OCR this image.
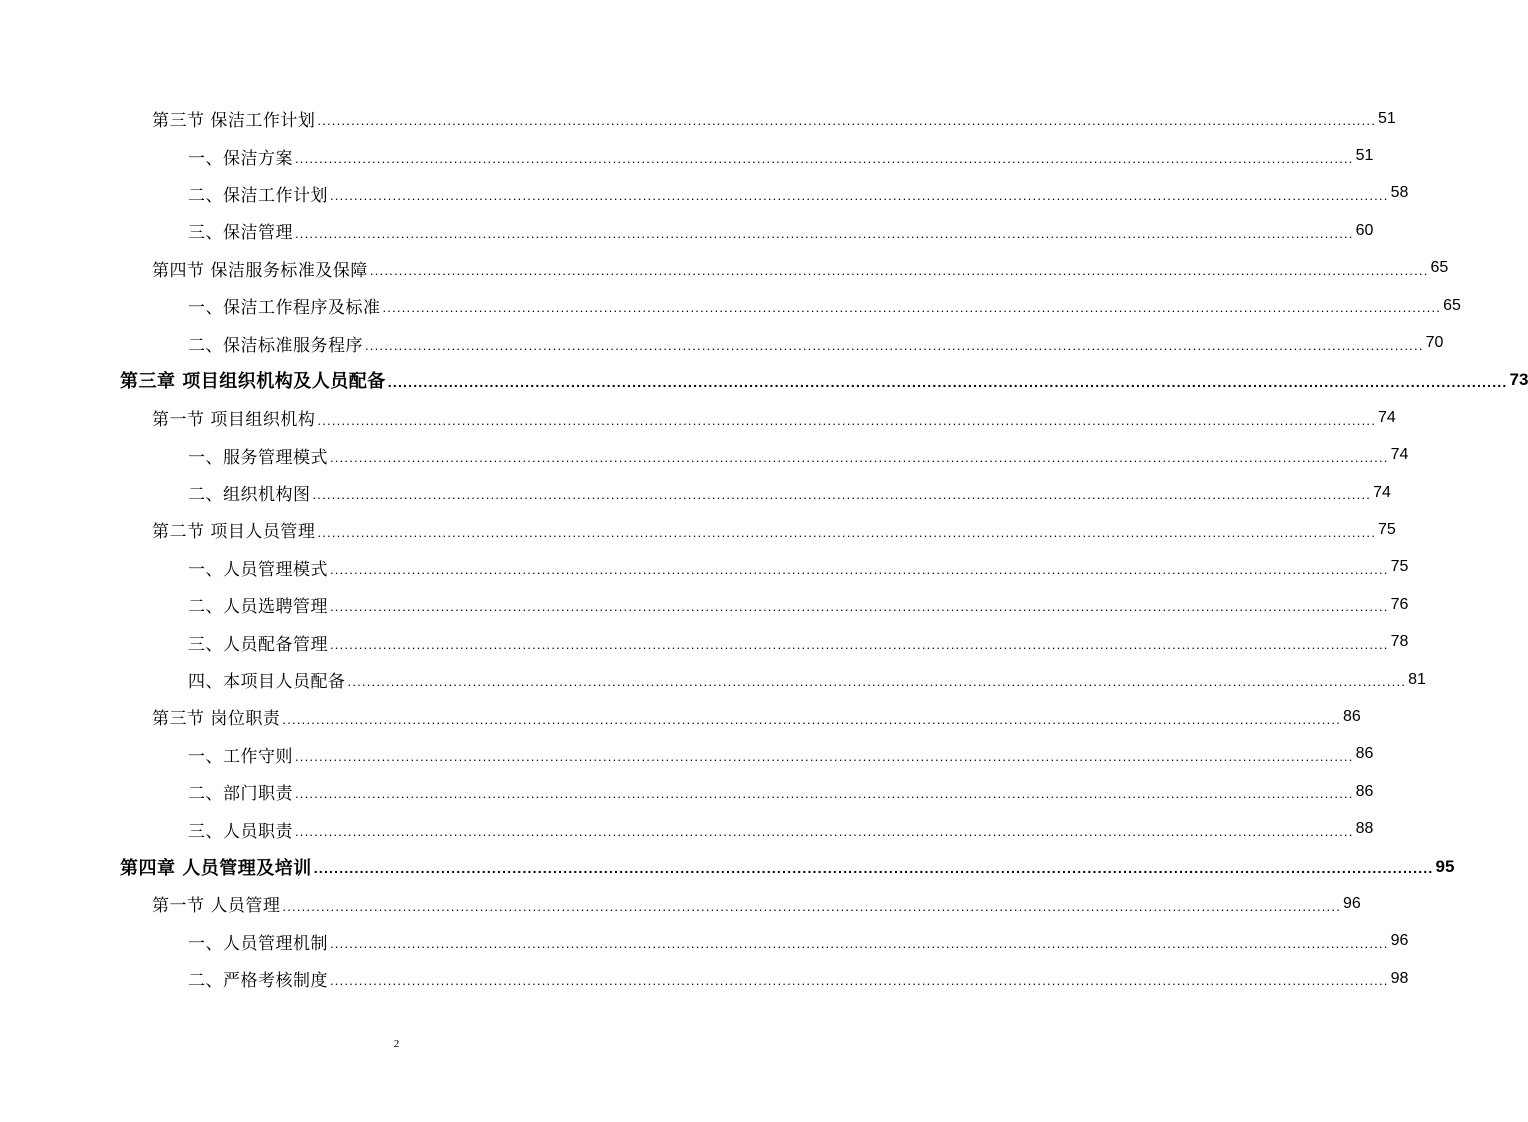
第三节 保洁工作计划 ............................................................................................................................................................................................................................ 51
一、保洁方案 ............................................................................................................................................................................................................................ 51
二、保洁工作计划 ............................................................................................................................................................................................................................ 58
三、保洁管理 ............................................................................................................................................................................................................................ 60
第四节 保洁服务标准及保障 ............................................................................................................................................................................................................................ 65
一、保洁工作程序及标准 ............................................................................................................................................................................................................................ 65
二、保洁标准服务程序 ............................................................................................................................................................................................................................ 70
第三章 项目组织机构及人员配备 ............................................................................................................................................................................................................................ 73
第一节 项目组织机构 ............................................................................................................................................................................................................................ 74
一、服务管理模式 ............................................................................................................................................................................................................................ 74
二、组织机构图 ............................................................................................................................................................................................................................ 74
第二节 项目人员管理 ............................................................................................................................................................................................................................ 75
一、人员管理模式 ............................................................................................................................................................................................................................ 75
二、人员选聘管理 ............................................................................................................................................................................................................................ 76
三、人员配备管理 ............................................................................................................................................................................................................................ 78
四、本项目人员配备 ............................................................................................................................................................................................................................ 81
第三节 岗位职责 ............................................................................................................................................................................................................................ 86
一、工作守则 ............................................................................................................................................................................................................................ 86
二、部门职责 ............................................................................................................................................................................................................................ 86
三、人员职责 ............................................................................................................................................................................................................................ 88
第四章 人员管理及培训 ............................................................................................................................................................................................................................ 95
第一节 人员管理 ............................................................................................................................................................................................................................ 96
一、人员管理机制 ............................................................................................................................................................................................................................ 96
二、严格考核制度 ............................................................................................................................................................................................................................ 98
2
